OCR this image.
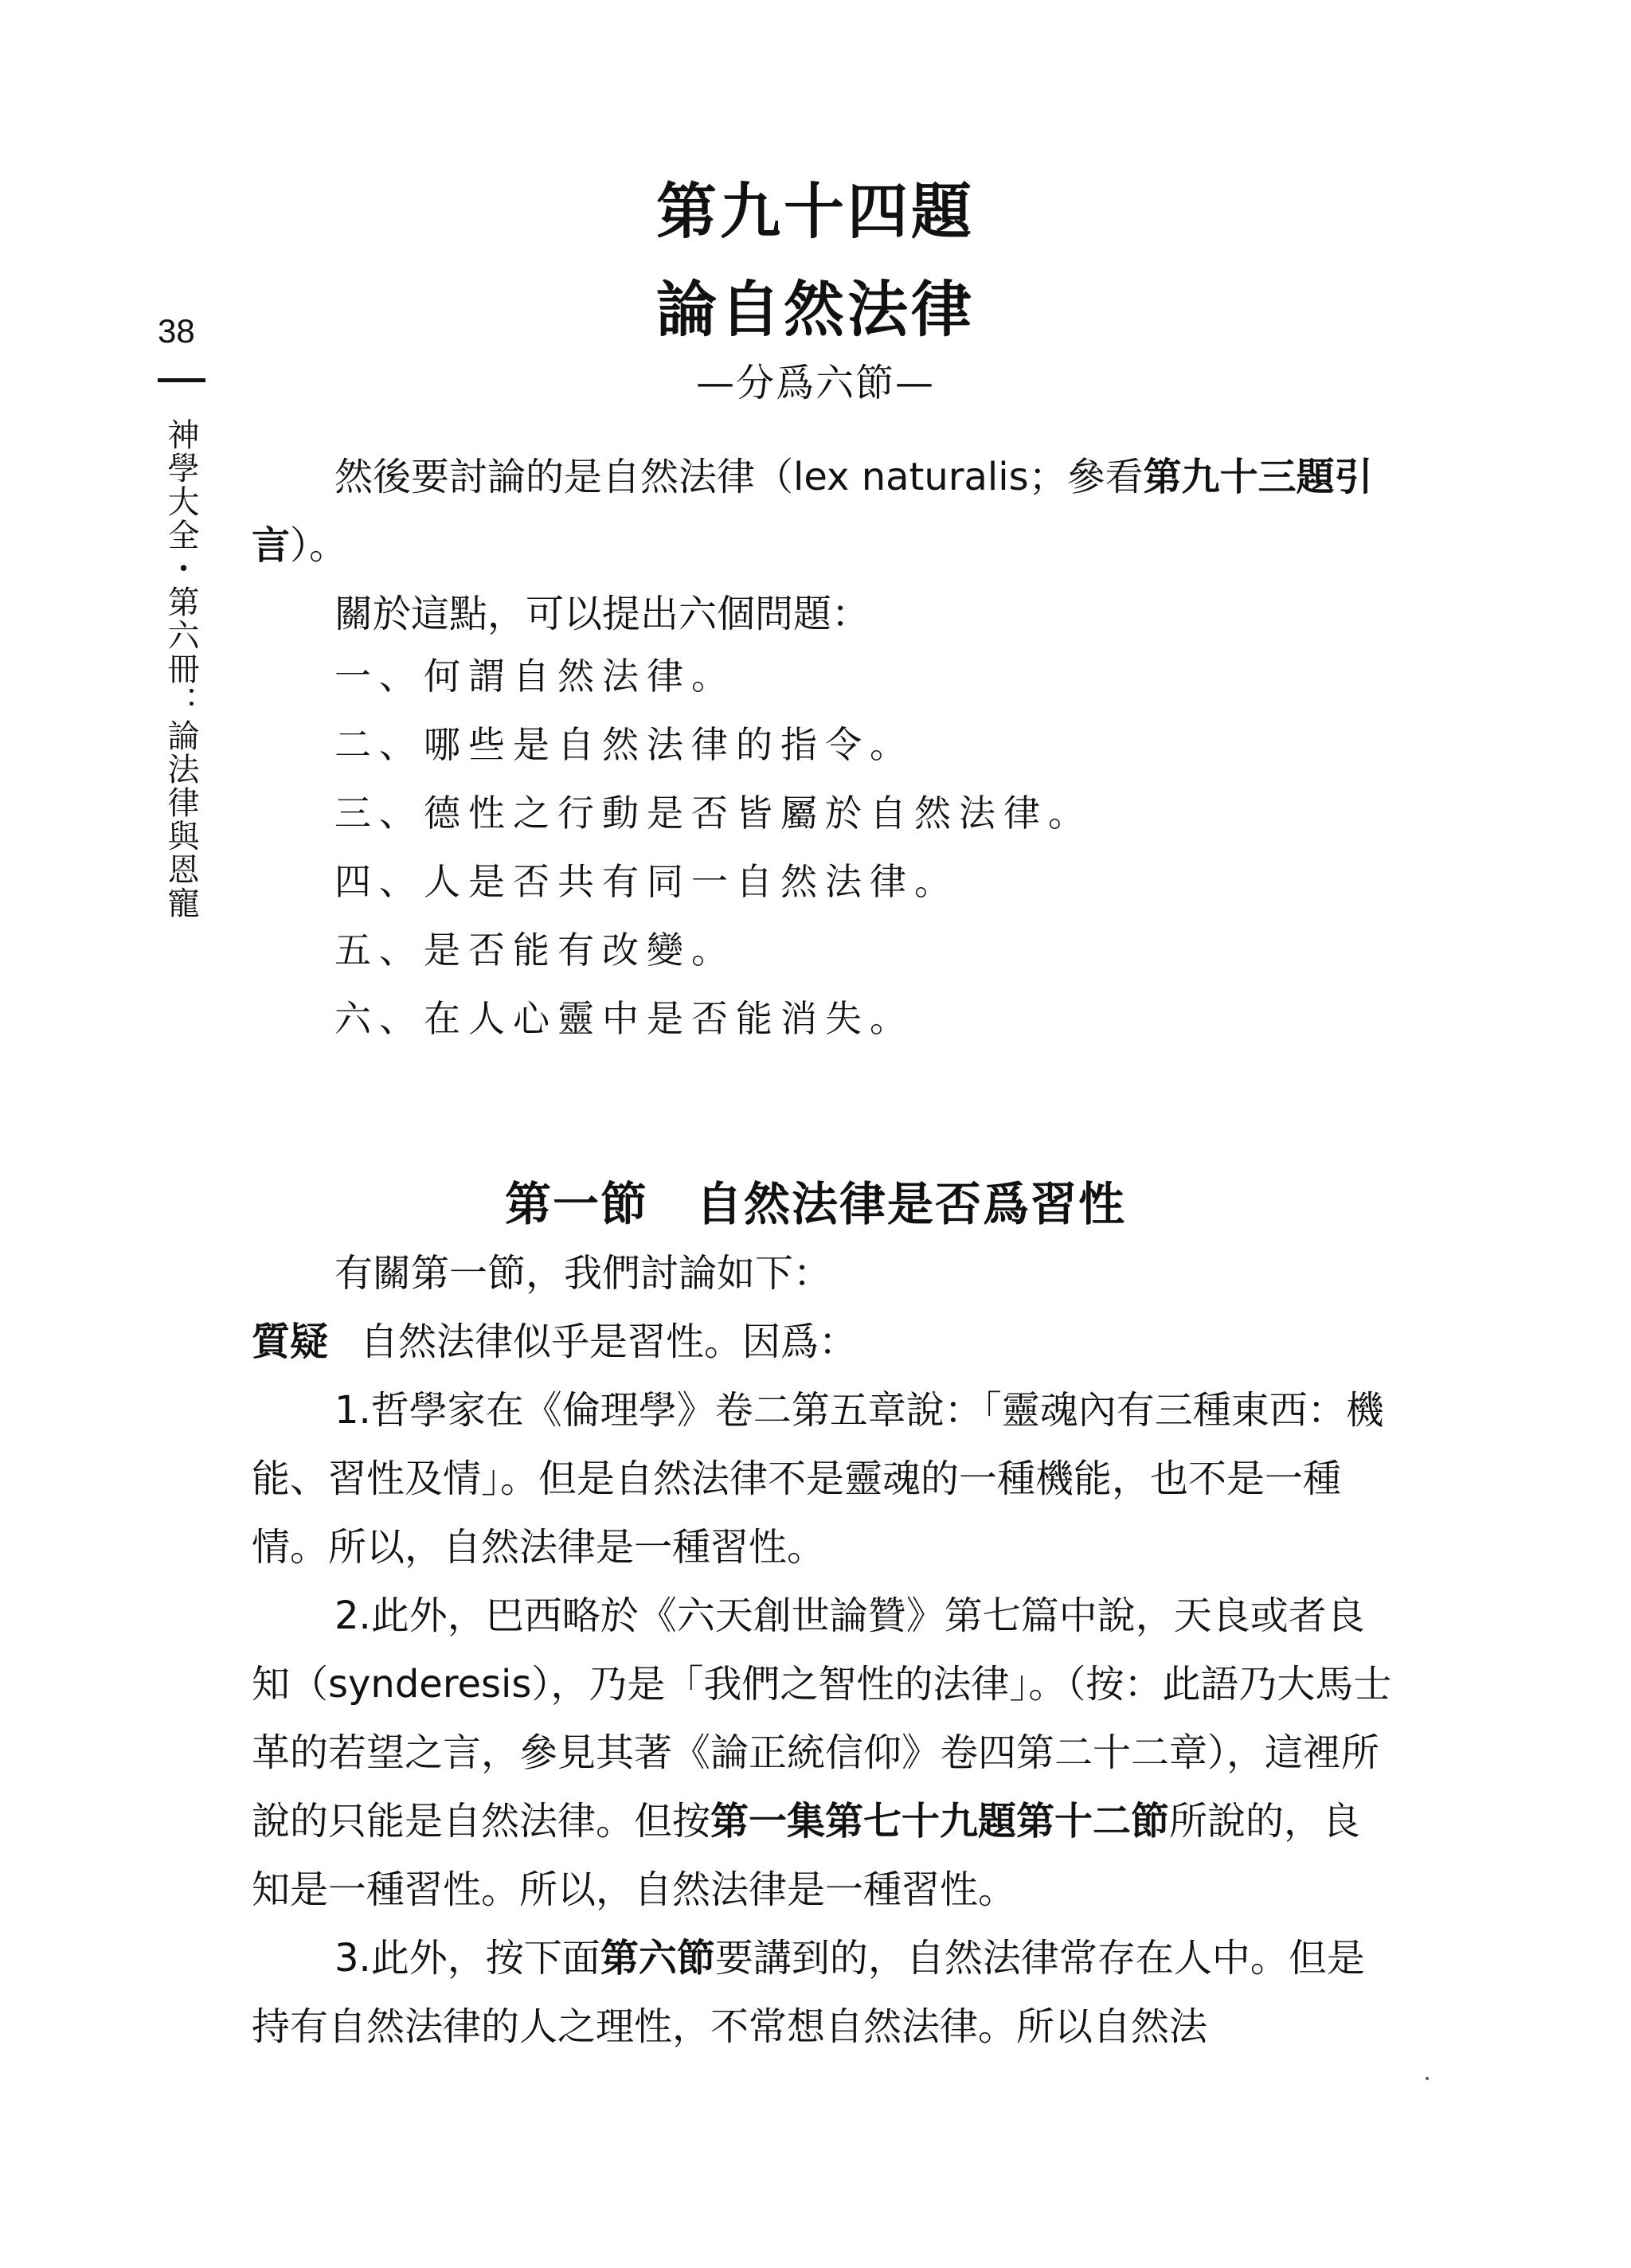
第九十四題
論自然法律
—分爲六節—
38
神學大全・第六冊：論法律與恩寵	然後要討論的是自然法律（lex naturalis；參看第九十三題引言）。

關於這點，可以提出六個問題：

一、何謂自然法律。
二、哪些是自然法律的指令。
三、德性之行動是否皆屬於自然法律。
四、人是否共有同一自然法律。
五、是否能有改變。
六、在人心靈中是否能消失。
第一節 自然法律是否爲習性

有關第一節，我們討論如下：

質疑 自然法律似乎是習性。因爲：

1.哲學家在《倫理學》卷二第五章說：「靈魂內有三種東西：機能、習性及情」。但是自然法律不是靈魂的一種機能，也不是一種情。所以，自然法律是一種習性。

2.此外，巴西略於《六天創世論贊》第七篇中說，天良或者良知（synderesis），乃是「我們之智性的法律」。（按：此語乃大馬士革的若望之言，參見其著《論正統信仰》卷四第二十二章），這裡所說的只能是自然法律。但按第一集第七十九題第十二節所說的，良知是一種習性。所以，自然法律是一種習性。

3.此外，按下面第六節要講到的，自然法律常存在人中。但是持有自然法律的人之理性，不常想自然法律。所以自然法
